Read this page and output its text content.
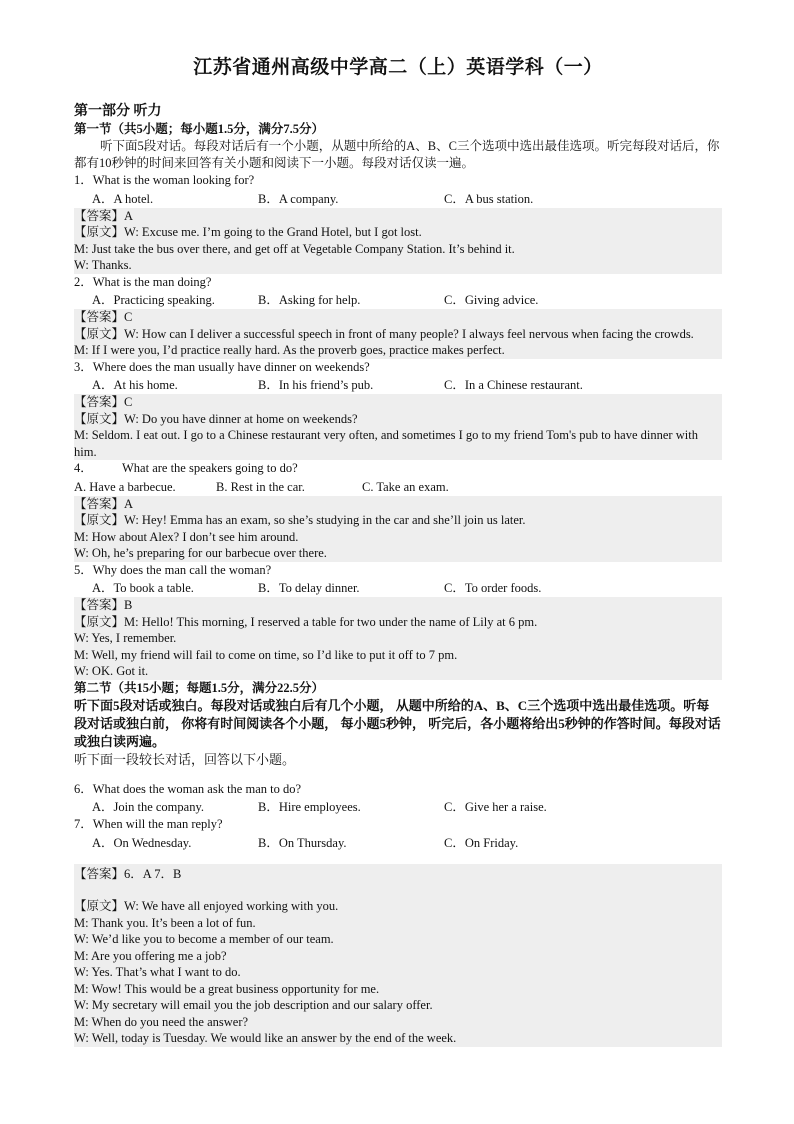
江苏省通州高级中学高二（上）英语学科（一）
第一部分 听力
第一节（共5小题；每小题1.5分，满分7.5分）
听下面5段对话。每段对话后有一个小题，从题中所给的A、B、C三个选项中选出最佳选项。听完每段对话后，你都有10秒钟的时间来回答有关小题和阅读下一小题。每段对话仅读一遍。
1．What is the woman looking for?
A．A hotel.	B．A company.	C．A bus station.
【答案】A
【原文】W: Excuse me. I’m going to the Grand Hotel, but I got lost.
M: Just take the bus over there, and get off at Vegetable Company Station. It’s behind it.
W: Thanks.
2．What is the man doing?
A．Practicing speaking.	B．Asking for help.	C．Giving advice.
【答案】C
【原文】W: How can I deliver a successful speech in front of many people? I always feel nervous when facing the crowds.
M: If I were you, I’d practice really hard. As the proverb goes, practice makes perfect.
3．Where does the man usually have dinner on weekends?
A．At his home.	B．In his friend’s pub.	C．In a Chinese restaurant.
【答案】C
【原文】W: Do you have dinner at home on weekends?
M: Seldom. I eat out. I go to a Chinese restaurant very often, and sometimes I go to my friend Tom's pub to have dinner with him.
4． What are the speakers going to do?
A. Have a barbecue.	B. Rest in the car.	C. Take an exam.
【答案】A
【原文】W: Hey! Emma has an exam, so she’s studying in the car and she’ll join us later.
M: How about Alex? I don’t see him around.
W: Oh, he’s preparing for our barbecue over there.
5．Why does the man call the woman?
A．To book a table.	B．To delay dinner.	C．To order foods.
【答案】B
【原文】M: Hello! This morning, I reserved a table for two under the name of Lily at 6 pm.
W: Yes, I remember.
M: Well, my friend will fail to come on time, so I’d like to put it off to 7 pm.
W: OK. Got it.
第二节（共15小题；每题1.5分，满分22.5分）
听下面5段对话或独白。每段对话或独白后有几个小题， 从题中所给的A、B、C三个选项中选出最佳选项。听每段对话或独白前， 你将有时间阅读各个小题， 每小题5秒钟， 听完后，各小题将给出5秒钟的作答时间。每段对话或独白读两遍。
听下面一段较长对话，回答以下小题。
6．What does the woman ask the man to do?
A．Join the company.	B．Hire employees.	C．Give her a raise.
7．When will the man reply?
A．On Wednesday.	B．On Thursday.	C．On Friday.
【答案】6．A 7．B
【原文】W: We have all enjoyed working with you.
M: Thank you. It’s been a lot of fun.
W: We’d like you to become a member of our team.
M: Are you offering me a job?
W: Yes. That’s what I want to do.
M: Wow! This would be a great business opportunity for me.
W: My secretary will email you the job description and our salary offer.
M: When do you need the answer?
W: Well, today is Tuesday. We would like an answer by the end of the week.
